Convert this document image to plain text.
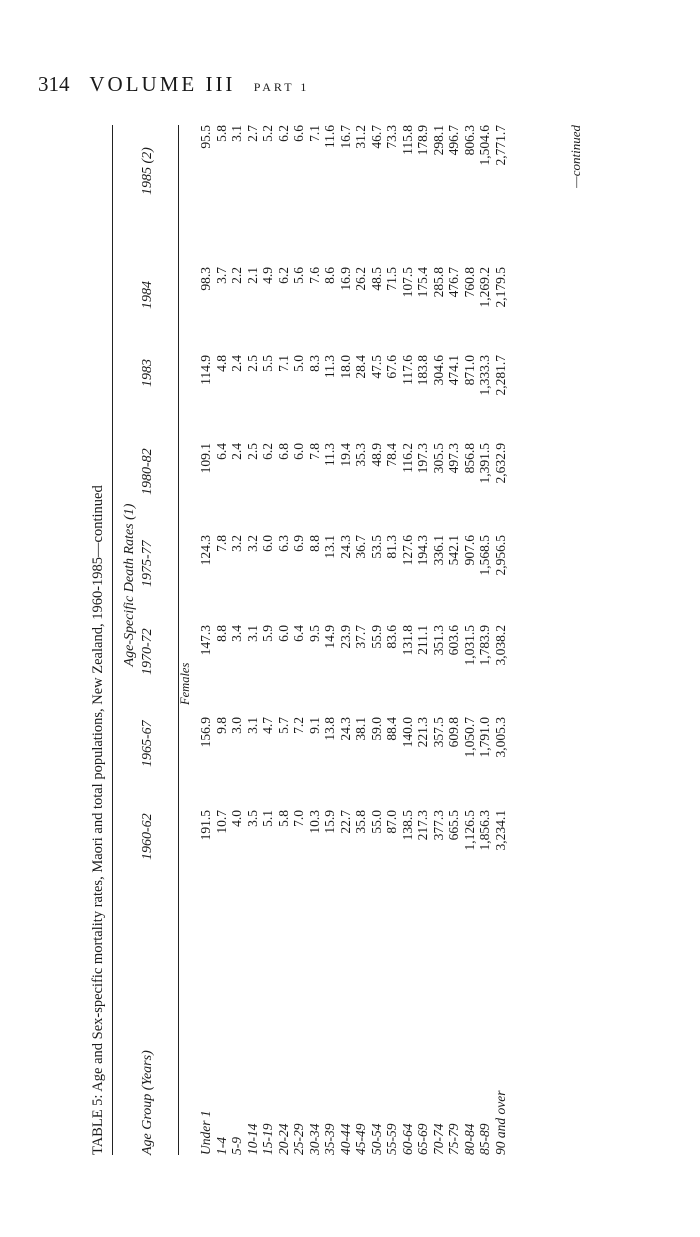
314 VOLUME III PART 1
TABLE 5: Age and Sex-specific mortality rates, Maori and total populations, New Zealand, 1960-1985—continued Age-Specific Death Rates (1)
Age Group (Years)
1960-62
1965-67
1970-72
1975-77
1980-82
1983
1984
1985 (2)
Females
Under 1
191.5
156.9
147.3
124.3
109.1
114.9
98.3
95.5
1-4
10.7
9.8
8.8
7.8
6.4
4.8
3.7
5.8
5-9
4.0
3.0
3.4
3.2
2.4
2.4
2.2
3.1
10-14
3.5
3.1
3.1
3.2
2.5
2.5
2.1
2.7
15-19
5.1
4.7
5.9
6.0
6.2
5.5
4.9
5.2
20-24
5.8
5.7
6.0
6.3
6.8
7.1
6.2
6.2
25-29
7.0
7.2
6.4
6.9
6.0
5.0
5.6
6.6
30-34
10.3
9.1
9.5
8.8
7.8
8.3
7.6
7.1
35-39
15.9
13.8
14.9
13.1
11.3
11.3
8.6
11.6
40-44
22.7
24.3
23.9
24.3
19.4
18.0
16.9
16.7
45-49
35.8
38.1
37.7
36.7
35.3
28.4
26.2
31.2
50-54
55.0
59.0
55.9
53.5
48.9
47.5
48.5
46.7
55-59
87.0
88.4
83.6
81.3
78.4
67.6
71.5
73.3
60-64
138.5
140.0
131.8
127.6
116.2
117.6
107.5
115.8
65-69
217.3
221.3
211.1
194.3
197.3
183.8
175.4
178.9
70-74
377.3
357.5
351.3
336.1
305.5
304.6
285.8
298.1
75-79
665.5
609.8
603.6
542.1
497.3
474.1
476.7
496.7
80-84
1,126.5
1,050.7
1,031.5
907.6
856.8
871.0
760.8
806.3
85-89
1,856.3
1,791.0
1,783.9
1,568.5
1,391.5
1,333.3
1,269.2
1,504.6
90 and over
3,234.1
3,005.3
3,038.2
2,956.5
2,632.9
2,281.7
2,179.5
2,771.7	—continued
